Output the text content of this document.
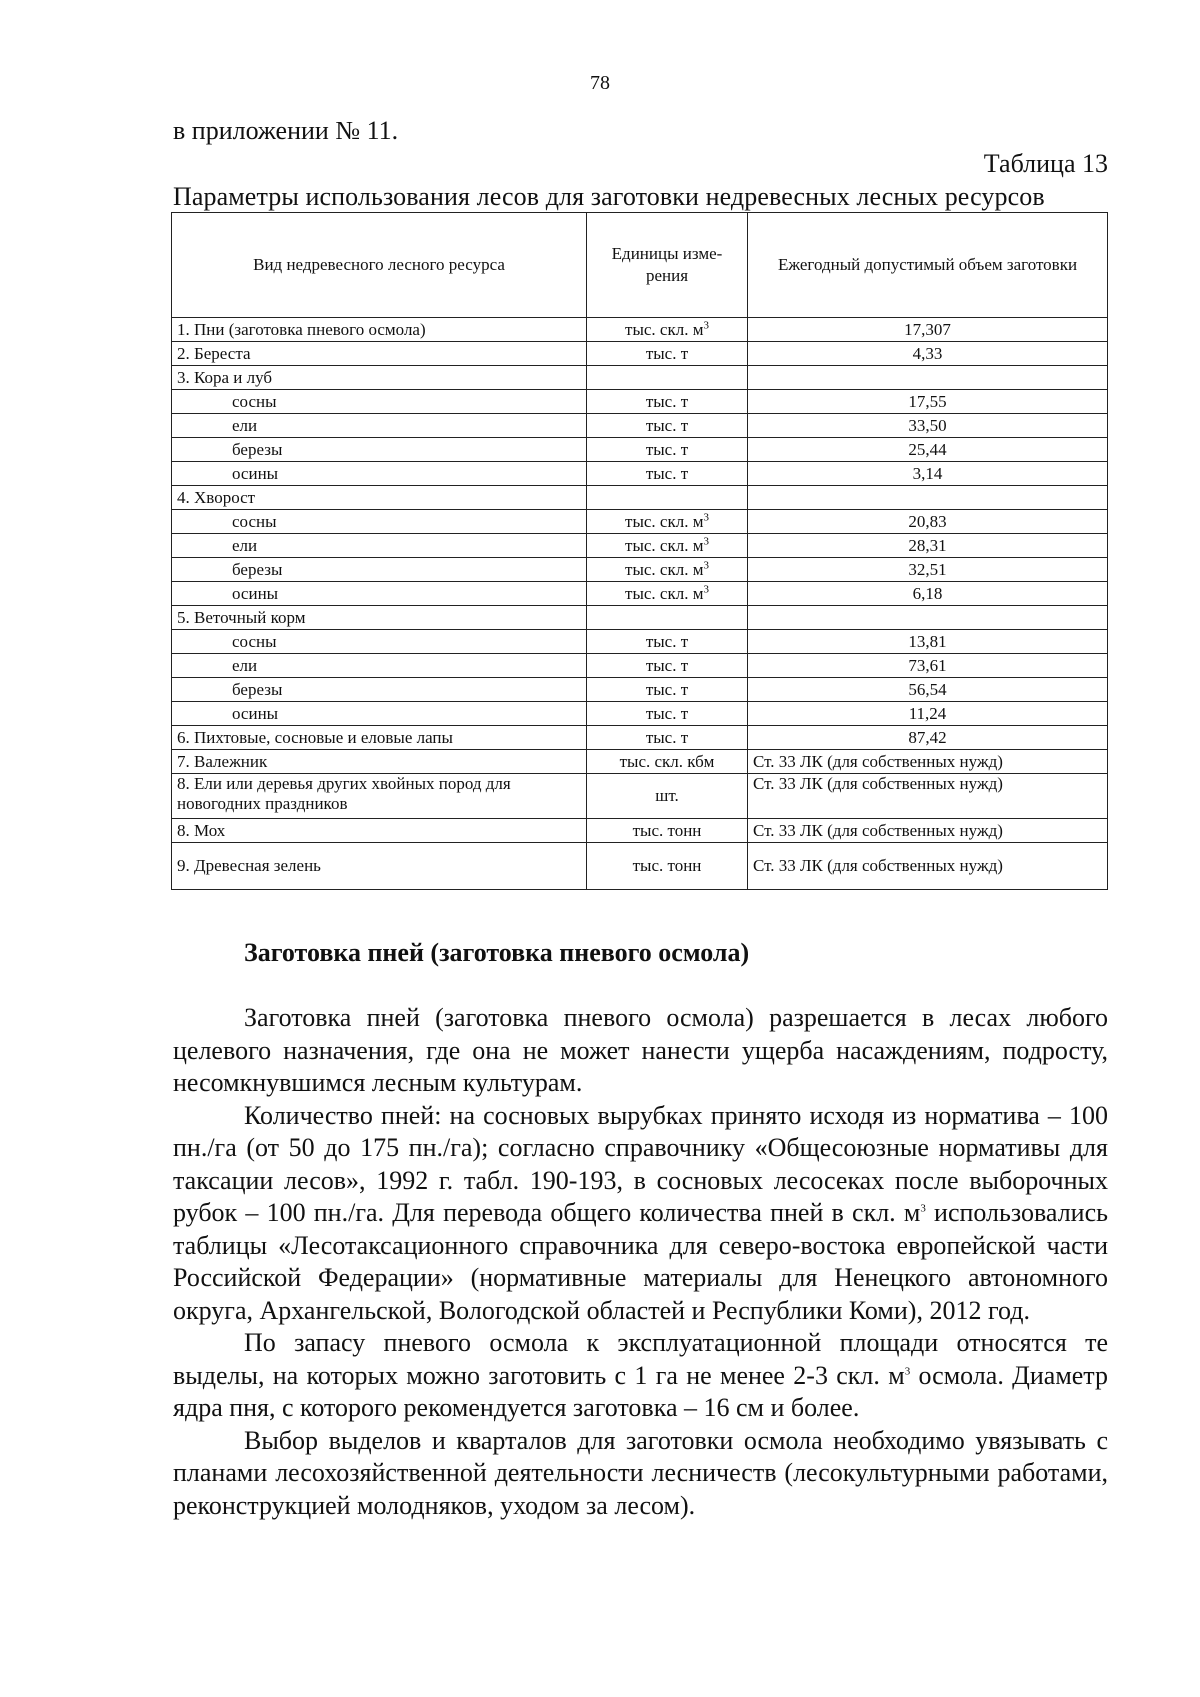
78
в приложении № 11.
Таблица 13
Параметры использования лесов для заготовки недревесных лесных ресурсов
Вид недревесного лесного ресурса	Единицы изме-рения	Ежегодный допустимый объем заготовки
1. Пни (заготовка пневого осмола)	тыс. скл. $м^3$	17,307
2. Береста	тыс. т	4,33
3. Кора и луб		
сосны	тыс. т	17,55
ели	тыс. т	33,50
березы	тыс. т	25,44
осины	тыс. т	3,14
4. Хворост		
сосны	тыс. скл. $м^3$	20,83
ели	тыс. скл. $м^3$	28,31
березы	тыс. скл. $м^3$	32,51
осины	тыс. скл. $м^3$	6,18
5. Веточный корм		
сосны	тыс. т	13,81
ели	тыс. т	73,61
березы	тыс. т	56,54
осины	тыс. т	11,24
6. Пихтовые, сосновые и еловые лапы	тыс. т	87,42
7. Валежник	тыс. скл. кбм	Ст. 33 ЛК (для собственных нужд)
8. Ели или деревья других хвойных пород для новогодних праздников	шт.	Ст. 33 ЛК (для собственных нужд)
8. Мох	тыс. тонн	Ст. 33 ЛК (для собственных нужд)
9. Древесная зелень	тыс. тонн	Ст. 33 ЛК (для собственных нужд)
Заготовка пней (заготовка пневого осмола)

Заготовка пней (заготовка пневого осмола) разрешается в лесах любого целевого назначения, где она не может нанести ущерба насаждениям, подросту, несомкнувшимся лесным культурам.

Количество пней: на сосновых вырубках принято исходя из норматива – 100 пн./га (от 50 до 175 пн./га); согласно справочнику «Общесоюзные нормативы для таксации лесов», 1992 г. табл. 190-193, в сосновых лесосеках после выборочных рубок – 100 пн./га. Для перевода общего количества пней в скл. $м^3$ использовались таблицы «Лесотаксационного справочника для северо-востока европейской части Российской Федерации» (нормативные материалы для Ненецкого автономного округа, Архангельской, Вологодской областей и Республики Коми), 2012 год.

По запасу пневого осмола к эксплуатационной площади относятся те выделы, на которых можно заготовить с 1 га не менее 2-3 скл. $м^3$ осмола. Диаметр ядра пня, с которого рекомендуется заготовка – 16 см и более.

Выбор выделов и кварталов для заготовки осмола необходимо увязывать с планами лесохозяйственной деятельности лесничеств (лесокультурными работами, реконструкцией молодняков, уходом за лесом).
